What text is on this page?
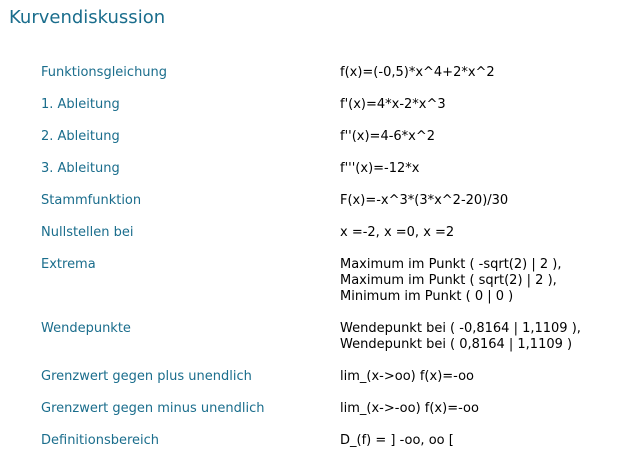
Kurvendiskussion
Funktionsgleichung	f(x)=(-0,5)*x^4+2*x^2

1. Ableitung	f'(x)=4*x-2*x^3

2. Ableitung	f''(x)=4-6*x^2

3. Ableitung	f'''(x)=-12*x

Stammfunktion	F(x)=-x^3*(3*x^2-20)/30

Nullstellen bei	x =-2, x =0, x =2

Extrema	Maximum im Punkt ( -sqrt(2) | 2 ),
Maximum im Punkt ( sqrt(2) | 2 ),
Minimum im Punkt ( 0 | 0 )

Wendepunkte	Wendepunkt bei ( -0,8164 | 1,1109 ),
Wendepunkt bei ( 0,8164 | 1,1109 )

Grenzwert gegen plus unendlich	lim_(x->oo) f(x)=-oo

Grenzwert gegen minus unendlich	lim_(x->-oo) f(x)=-oo

Definitionsbereich	D_(f) = ] -oo, oo [
